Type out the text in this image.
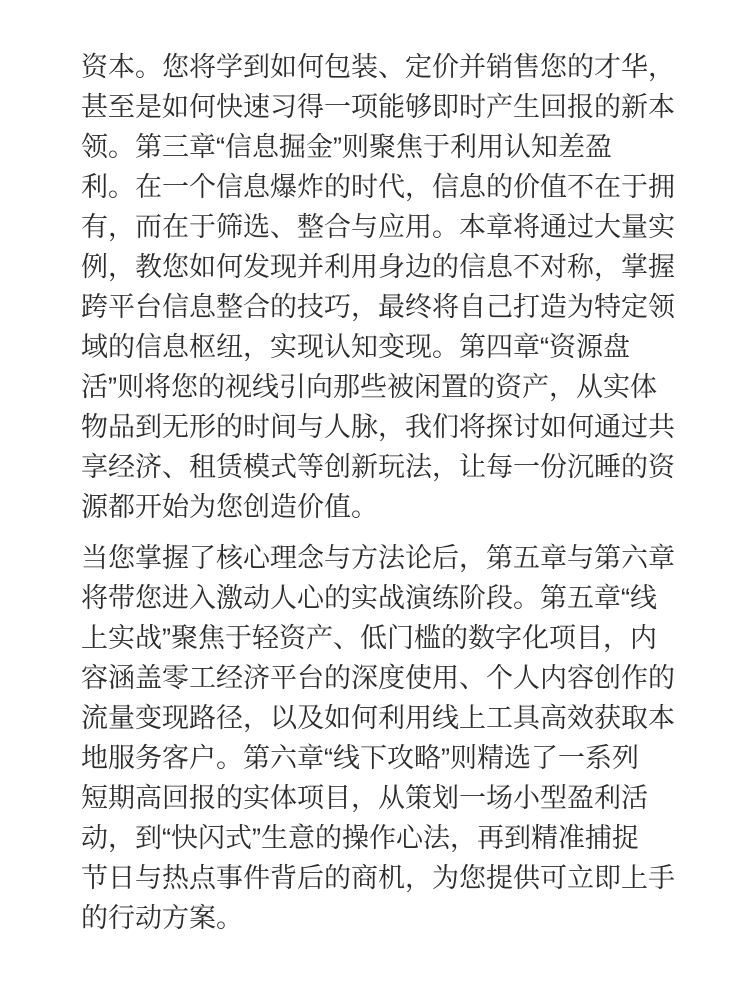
资本。您将学到如何包装、定价并销售您的才华，
甚至是如何快速习得一项能够即时产生回报的新本
领。第三章“信息掘金”则聚焦于利用认知差盈
利。在一个信息爆炸的时代，信息的价值不在于拥
有，而在于筛选、整合与应用。本章将通过大量实
例，教您如何发现并利用身边的信息不对称，掌握
跨平台信息整合的技巧，最终将自己打造为特定领
域的信息枢纽，实现认知变现。第四章“资源盘
活”则将您的视线引向那些被闲置的资产，从实体
物品到无形的时间与人脉，我们将探讨如何通过共
享经济、租赁模式等创新玩法，让每一份沉睡的资
源都开始为您创造价值。

当您掌握了核心理念与方法论后，第五章与第六章
将带您进入激动人心的实战演练阶段。第五章“线
上实战”聚焦于轻资产、低门槛的数字化项目，内
容涵盖零工经济平台的深度使用、个人内容创作的
流量变现路径，以及如何利用线上工具高效获取本
地服务客户。第六章“线下攻略”则精选了一系列
短期高回报的实体项目，从策划一场小型盈利活
动，到“快闪式”生意的操作心法，再到精准捕捉
节日与热点事件背后的商机，为您提供可立即上手
的行动方案。
